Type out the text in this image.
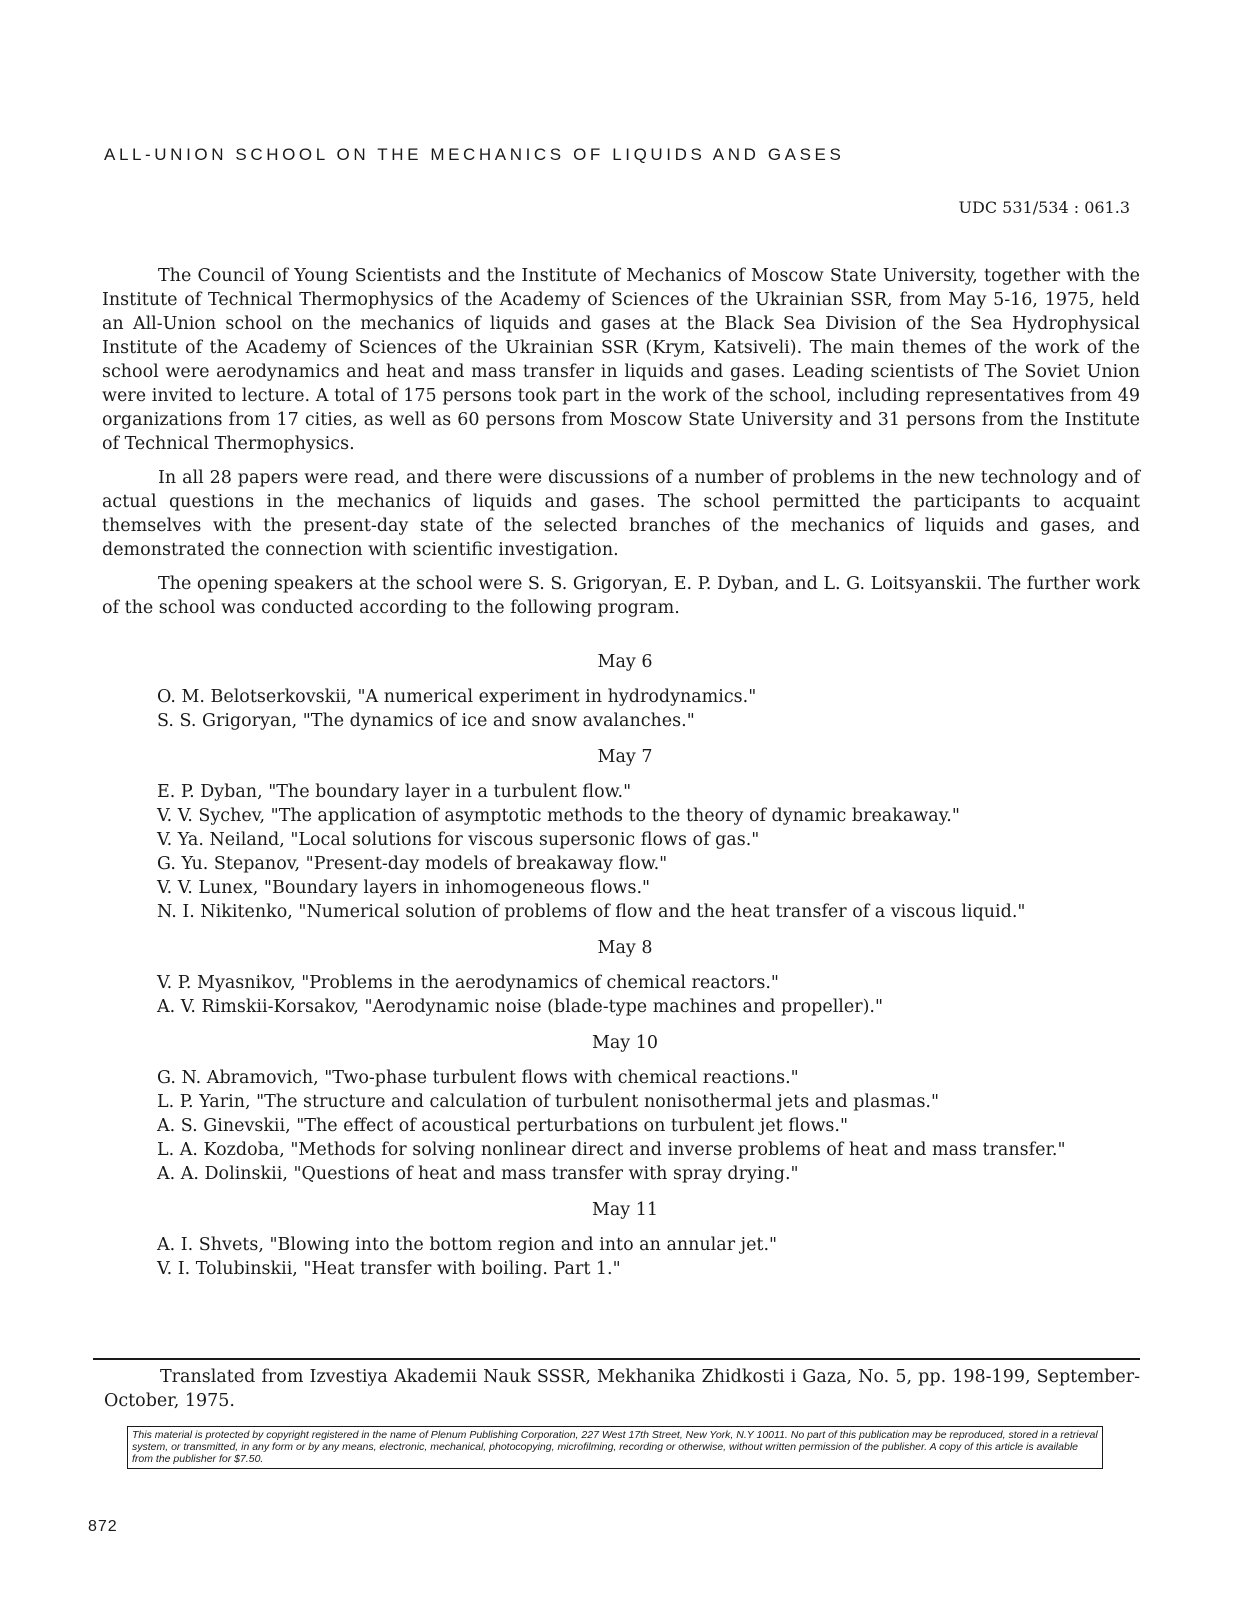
ALL-UNION SCHOOL ON THE MECHANICS OF LIQUIDS AND GASES
UDC 531/534 : 061.3

The Council of Young Scientists and the Institute of Mechanics of Moscow State University, together with the Institute of Technical Thermophysics of the Academy of Sciences of the Ukrainian SSR, from May 5-16, 1975, held an All-Union school on the mechanics of liquids and gases at the Black Sea Division of the Sea Hydrophysical Institute of the Academy of Sciences of the Ukrainian SSR (Krym, Katsiveli). The main themes of the work of the school were aerodynamics and heat and mass transfer in liquids and gases. Leading scientists of The Soviet Union were invited to lecture. A total of 175 persons took part in the work of the school, including representatives from 49 organizations from 17 cities, as well as 60 persons from Moscow State University and 31 persons from the Institute of Technical Thermophysics.

In all 28 papers were read, and there were discussions of a number of problems in the new technology and of actual questions in the mechanics of liquids and gases. The school permitted the participants to acquaint themselves with the present-day state of the selected branches of the mechanics of liquids and gases, and demonstrated the connection with scientific investigation.

The opening speakers at the school were S. S. Grigoryan, E. P. Dyban, and L. G. Loitsyanskii. The further work of the school was conducted according to the following program.

May 6
O. M. Belotserkovskii, "A numerical experiment in hydrodynamics."
S. S. Grigoryan, "The dynamics of ice and snow avalanches."
May 7
E. P. Dyban, "The boundary layer in a turbulent flow."
V. V. Sychev, "The application of asymptotic methods to the theory of dynamic breakaway."
V. Ya. Neiland, "Local solutions for viscous supersonic flows of gas."
G. Yu. Stepanov, "Present-day models of breakaway flow."
V. V. Lunex, "Boundary layers in inhomogeneous flows."
N. I. Nikitenko, "Numerical solution of problems of flow and the heat transfer of a viscous liquid."
May 8
V. P. Myasnikov, "Problems in the aerodynamics of chemical reactors."
A. V. Rimskii-Korsakov, "Aerodynamic noise (blade-type machines and propeller)."
May 10
G. N. Abramovich, "Two-phase turbulent flows with chemical reactions."
L. P. Yarin, "The structure and calculation of turbulent nonisothermal jets and plasmas."
A. S. Ginevskii, "The effect of acoustical perturbations on turbulent jet flows."
L. A. Kozdoba, "Methods for solving nonlinear direct and inverse problems of heat and mass transfer."
A. A. Dolinskii, "Questions of heat and mass transfer with spray drying."
May 11
A. I. Shvets, "Blowing into the bottom region and into an annular jet."
V. I. Tolubinskii, "Heat transfer with boiling. Part 1."

Translated from Izvestiya Akademii Nauk SSSR, Mekhanika Zhidkosti i Gaza, No. 5, pp. 198-199, September-October, 1975.

This material is protected by copyright registered in the name of Plenum Publishing Corporation, 227 West 17th Street, New York, N.Y 10011. No part of this publication may be reproduced, stored in a retrieval system, or transmitted, in any form or by any means, electronic, mechanical, photocopying, microfilming, recording or otherwise, without written permission of the publisher. A copy of this article is available from the publisher for $7.50.
872
